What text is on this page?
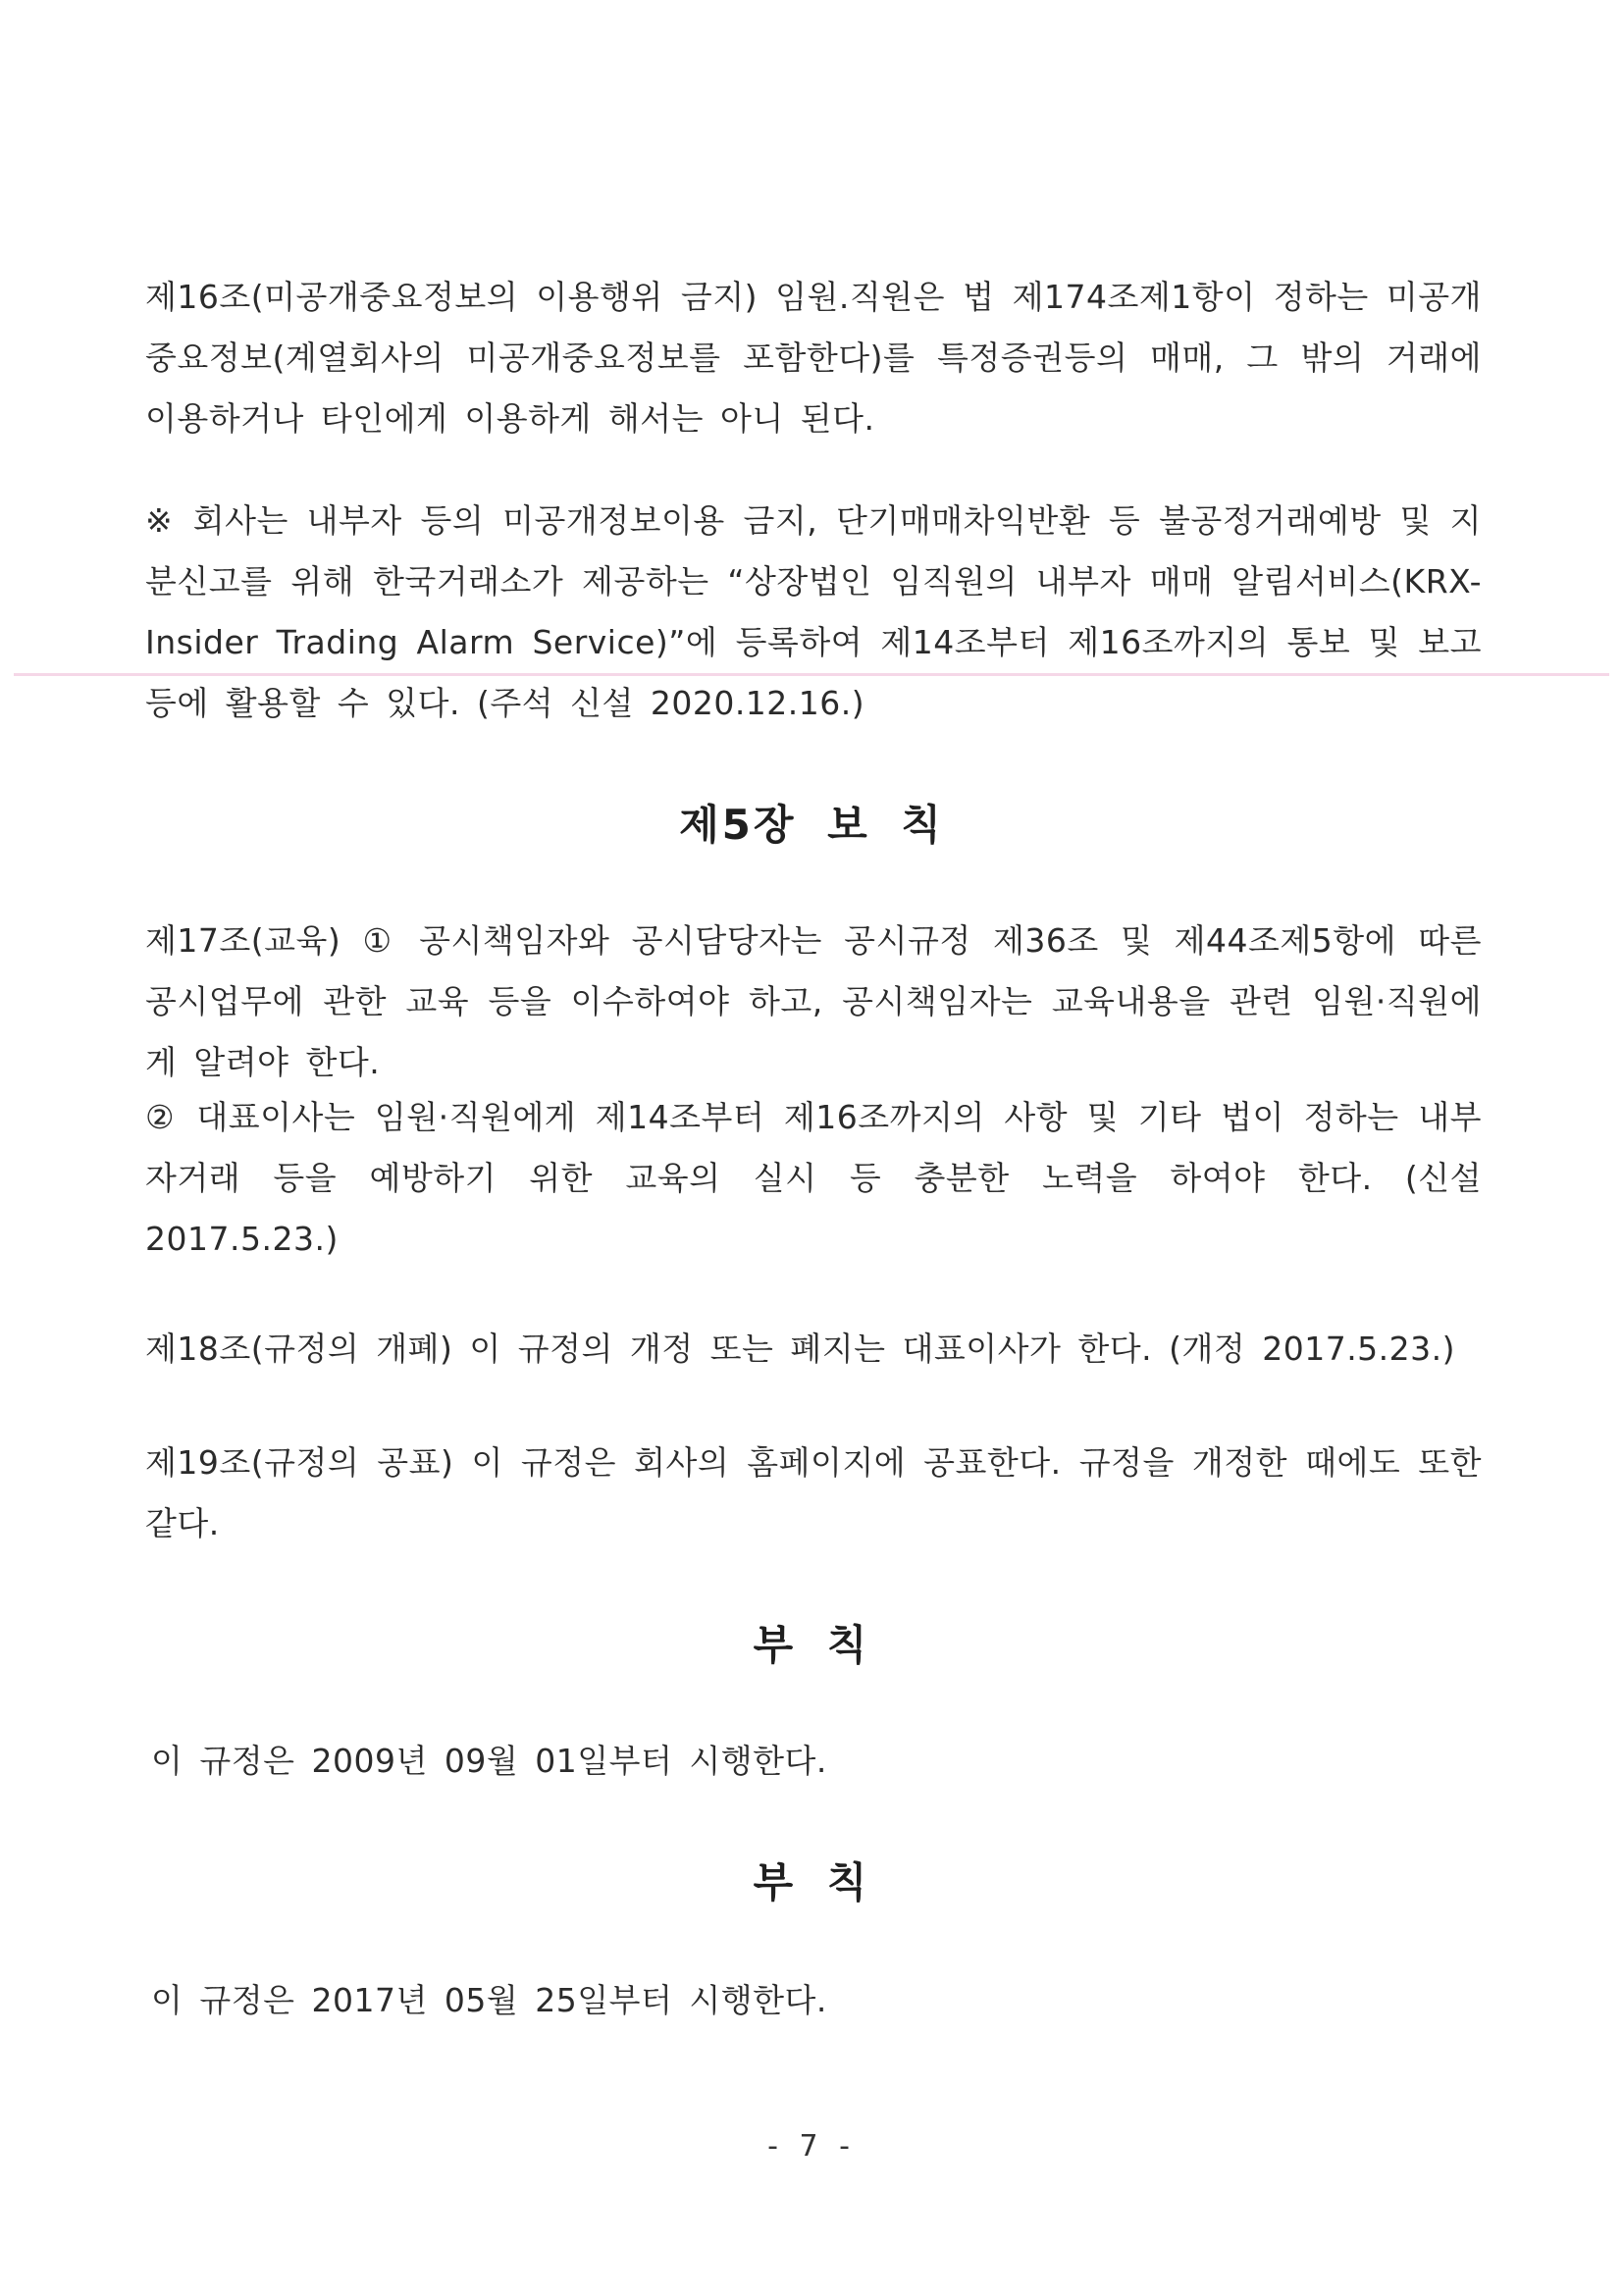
제16조(미공개중요정보의 이용행위 금지) 임원.직원은 법 제174조제1항이 정하는 미공개중요정보(계열회사의 미공개중요정보를 포함한다)를 특정증권등의 매매, 그 밖의 거래에 이용하거나 타인에게 이용하게 해서는 아니 된다.

※ 회사는 내부자 등의 미공개정보이용 금지, 단기매매차익반환 등 불공정거래예방 및 지분신고를 위해 한국거래소가 제공하는 “상장법인 임직원의 내부자 매매 알림서비스(KRX-Insider Trading Alarm Service)”에 등록하여 제14조부터 제16조까지의 통보 및 보고 등에 활용할 수 있다. (주석 신설 2020.12.16.)

제5장 보 칙

제17조(교육) ① 공시책임자와 공시담당자는 공시규정 제36조 및 제44조제5항에 따른 공시업무에 관한 교육 등을 이수하여야 하고, 공시책임자는 교육내용을 관련 임원·직원에게 알려야 한다.

② 대표이사는 임원·직원에게 제14조부터 제16조까지의 사항 및 기타 법이 정하는 내부자거래 등을 예방하기 위한 교육의 실시 등 충분한 노력을 하여야 한다. (신설 2017.5.23.)

제18조(규정의 개폐) 이 규정의 개정 또는 폐지는 대표이사가 한다. (개정 2017.5.23.)

제19조(규정의 공표) 이 규정은 회사의 홈페이지에 공표한다. 규정을 개정한 때에도 또한 같다.

부 칙

이 규정은 2009년 09월 01일부터 시행한다.

부 칙

이 규정은 2017년 05월 25일부터 시행한다.

- 7 -
